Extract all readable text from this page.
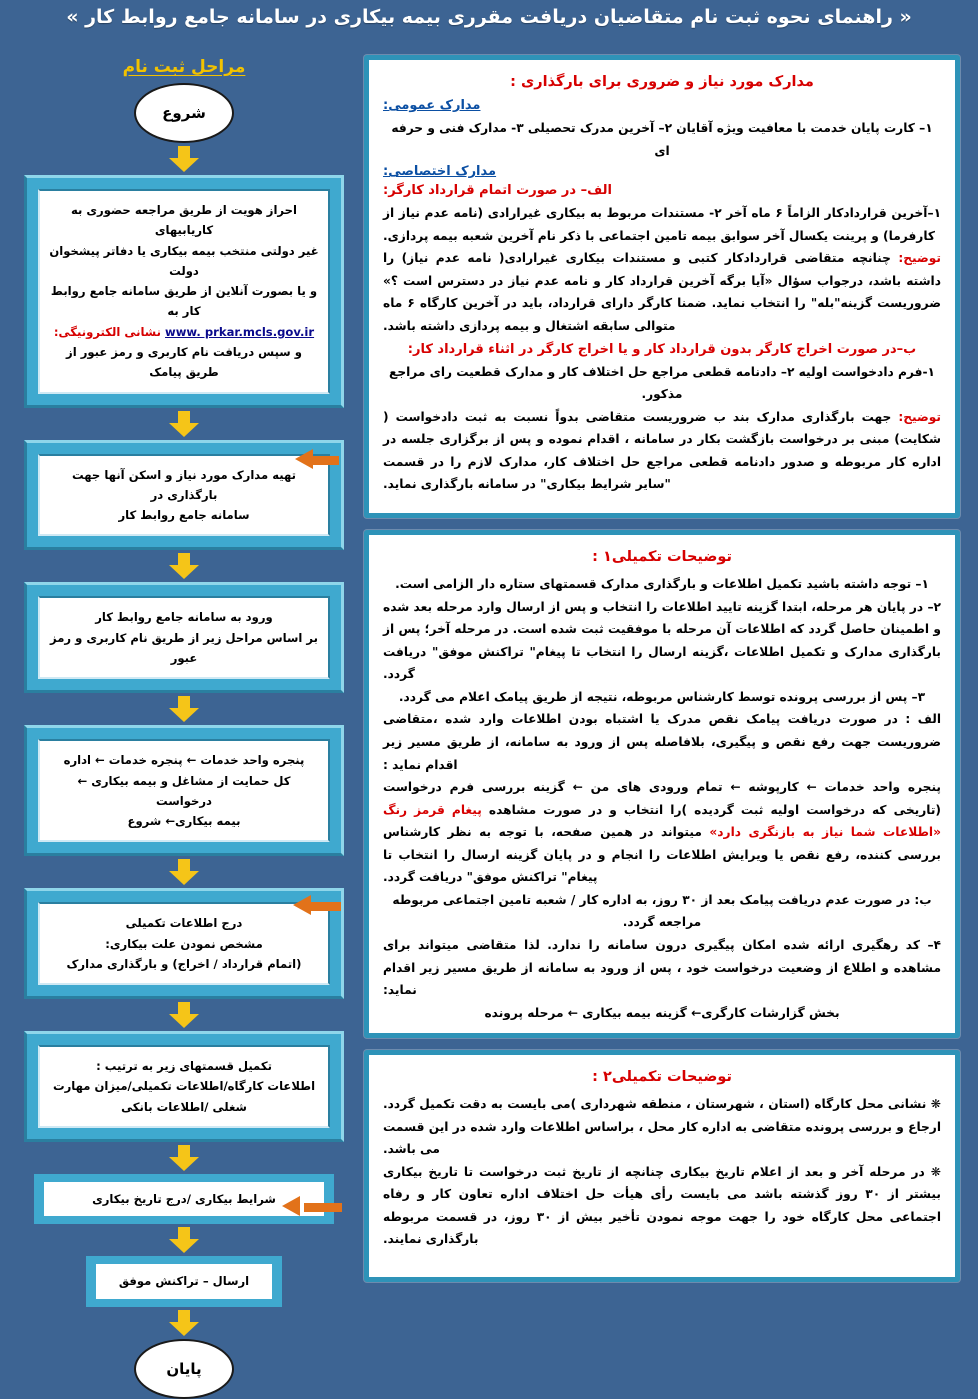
« راهنمای نحوه ثبت نام متقاضیان دریافت مقرری بیمه بیکاری در سامانه جامع روابط کار »
مدارک مورد نیاز و ضروری برای بارگذاری :
مدارک عمومی:

۱– کارت پایان خدمت با معافیت ویژه آقایان ۲– آخرین مدرک تحصیلی ۳- مدارک فنی و حرفه ای

مدارک اختصاصی:
الف– در صورت اتمام قرارداد کارگر:

۱–آخرین قراردادکار الزاماً ۶ ماه آخر ۲- مستندات مربوط به بیکاری غیرارادی (نامه عدم نیاز از کارفرما) و پرینت یکسال آخر سوابق بیمه تامین اجتماعی با ذکر نام آخرین شعبه بیمه پردازی.

توضیح: چنانچه متقاضی قراردادکار کتبی و مستندات بیکاری غیرارادی( نامه عدم نیاز) را داشته باشد، درجواب سؤال «آیا برگه آخرین قرارداد کار و نامه عدم نیاز در دسترس است ؟» ضروریست گزینه"بله" را انتخاب نماید. ضمنا کارگر دارای قرارداد، باید در آخرین کارگاه ۶ ماه متوالی سابقه اشتغال و بیمه پردازی داشته باشد.

ب–در صورت اخراج کارگر بدون قرارداد کار و یا اخراج کارگر در اثناء قرارداد کار:

۱-فرم دادخواست اولیه ۲– دادنامه قطعی مراجع حل اختلاف کار و مدارک قطعیت رای مراجع مذکور.

توضیح: جهت بارگذاری مدارک بند ب ضروریست متقاضی بدواً نسبت به ثبت دادخواست ( شکایت) مبنی بر درخواست بازگشت بکار در سامانه ، اقدام نموده و پس از برگزاری جلسه در اداره کار مربوطه و صدور دادنامه قطعی مراجع حل اختلاف کار، مدارک لازم را در قسمت "سایر شرایط بیکاری" در سامانه بارگذاری نماید.

توضیحات تکمیلی۱ :

۱– توجه داشته باشید تکمیل اطلاعات و بارگذاری مدارک قسمتهای ستاره دار الزامی است.

۲– در پایان هر مرحله، ابتدا گزینه تایید اطلاعات را انتخاب و پس از ارسال وارد مرحله بعد شده و اطمینان حاصل گردد که اطلاعات آن مرحله با موفقیت ثبت شده است. در مرحله آخر؛ پس از بارگذاری مدارک و تکمیل اطلاعات ،گزینه ارسال را انتخاب تا پیغام" تراکنش موفق" دریافت گردد.

۳– پس از بررسی پرونده توسط کارشناس مربوطه، نتیجه از طریق پیامک اعلام می گردد.

الف : در صورت دریافت پیامک نقص مدرک یا اشتباه بودن اطلاعات وارد شده ،متقاضی ضروریست جهت رفع نقص و پیگیری، بلافاصله پس از ورود به سامانه، از طریق مسیر زیر اقدام نماید :

پنجره واحد خدمات ← کارپوشه ← تمام ورودی های من ← گزینه بررسی فرم درخواست (تاریخی که درخواست اولیه ثبت گردیده )را انتخاب و در صورت مشاهده پیغام قرمز رنگ «اطلاعات شما نیاز به بازنگری دارد» میتواند در همین صفحه، با توجه به نظر کارشناس بررسی کننده، رفع نقص یا ویرایش اطلاعات را انجام و در پایان گزینه ارسال را انتخاب تا پیغام" تراکنش موفق" دریافت گردد.

ب: در صورت عدم دریافت پیامک بعد از ۳۰ روز، به اداره کار / شعبه تامین اجتماعی مربوطه مراجعه گردد.

۴– کد رهگیری ارائه شده امکان پیگیری درون سامانه را ندارد. لذا متقاضی میتواند برای مشاهده و اطلاع از وضعیت درخواست خود ، پس از ورود به سامانه از طریق مسیر زیر اقدام نماید:

بخش گزارشات کارگری← گزینه بیمه بیکاری ← مرحله پرونده

توضیحات تکمیلی۲ :

❋ نشانی محل کارگاه (استان ، شهرستان ، منطقه شهرداری )می بایست به دقت تکمیل گردد. ارجاع و بررسی پرونده متقاضی به اداره کار محل ، براساس اطلاعات وارد شده در این قسمت می باشد.

❋ در مرحله آخر و بعد از اعلام تاریخ بیکاری چنانچه از تاریخ ثبت درخواست تا تاریخ بیکاری بیشتر از ۳۰ روز گذشته باشد می بایست رأی هیأت حل اختلاف اداره تعاون کار و رفاه اجتماعی محل کارگاه خود را جهت موجه نمودن تأخیر بیش از ۳۰ روز، در قسمت مربوطه بارگذاری نمایند.

مراحل ثبت نام
شروع
احراز هویت از طریق مراجعه حضوری به کاریابیهای
غیر دولتی منتخب بیمه بیکاری یا دفاتر پیشخوان دولت
و یا بصورت آنلاین از طریق سامانه جامع روابط کار به
www. prkar.mcls.gov.ir نشانی الکترونیگی:
و سپس دریافت نام کاربری و رمز عبور از طریق پیامک
تهیه مدارک مورد نیاز و اسکن آنها جهت بارگذاری در
سامانه جامع روابط کار
ورود به سامانه جامع روابط کار
بر اساس مراحل زیر از طریق نام کاربری و رمز عبور
پنجره واحد خدمات ← پنجره خدمات ← اداره
کل حمایت از مشاغل و بیمه بیکاری ← درخواست
بیمه بیکاری← شروع
درج اطلاعات تکمیلی
مشخص نمودن علت بیکاری:
(اتمام قرارداد / اخراج) و بارگذاری مدارک
تکمیل قسمتهای زیر به ترتیب :
اطلاعات کارگاه/اطلاعات تکمیلی/میزان مهارت
شغلی /اطلاعات بانکی
شرایط بیکاری /درج تاریخ بیکاری
ارسال – تراکنش موفق
پایان
